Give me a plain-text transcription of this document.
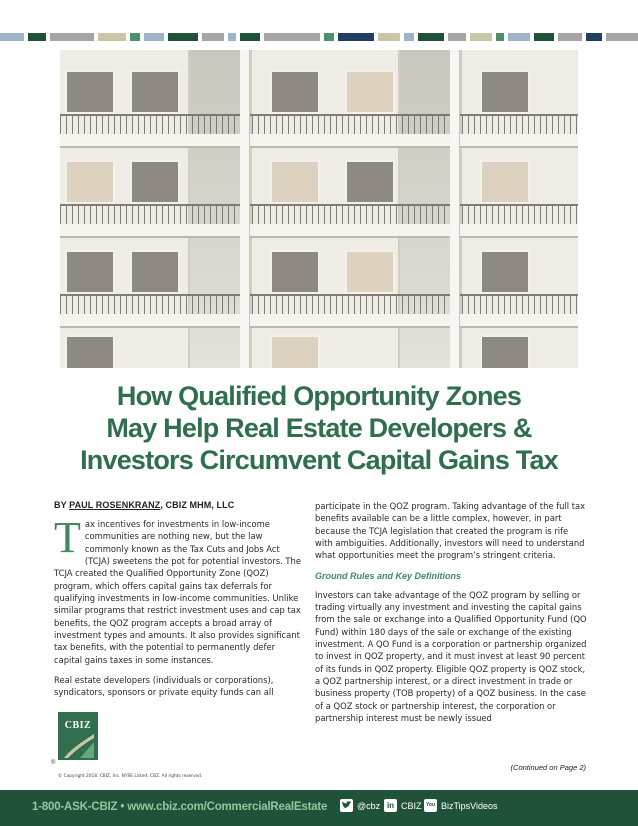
How Qualified Opportunity Zones
May Help Real Estate Developers &
Investors Circumvent Capital Gains Tax
BY PAUL ROSENKRANZ, CBIZ MHM, LLC

Tax incentives for investments in low-income communities are nothing new, but the law commonly known as the Tax Cuts and Jobs Act (TCJA) sweetens the pot for potential investors. The TCJA created the Qualified Opportunity Zone (QOZ) program, which offers capital gains tax deferrals for qualifying investments in low-income communities. Unlike similar programs that restrict investment uses and cap tax benefits, the QOZ program accepts a broad array of investment types and amounts. It also provides significant tax benefits, with the potential to permanently defer capital gains taxes in some instances.

Real estate developers (individuals or corporations), syndicators, sponsors or private equity funds can all

participate in the QOZ program. Taking advantage of the full tax benefits available can be a little complex, however, in part because the TCJA legislation that created the program is rife with ambiguities. Additionally, investors will need to understand what opportunities meet the program’s stringent criteria.

Ground Rules and Key Definitions

Investors can take advantage of the QOZ program by selling or trading virtually any investment and investing the capital gains from the sale or exchange into a Qualified Opportunity Fund (QO Fund) within 180 days of the sale or exchange of the existing investment. A QO Fund is a corporation or partnership organized to invest in QOZ property, and it must invest at least 90 percent of its funds in QOZ property. Eligible QOZ property is QOZ stock, a QOZ partnership interest, or a direct investment in trade or business property (TOB property) of a QOZ business. In the case of a QOZ stock or partnership interest, the corporation or partnership interest must be newly issued

CBIZ
®
© Copyright 2018. CBIZ, Inc. NYSE Listed: CBZ. All rights reserved.
(Continued on Page 2)
1-800-ASK-CBIZ • www.cbiz.com/CommercialRealEstate	@cbz in CBIZ You BizTipsVideos
